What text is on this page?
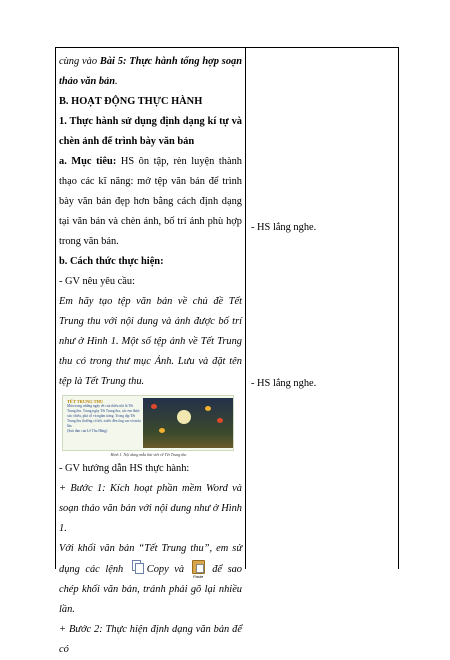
cùng vào Bài 5: Thực hành tổng hợp soạn thảo văn bản.

B. HOẠT ĐỘNG THỰC HÀNH

1. Thực hành sử dụng định dạng kí tự và chèn ảnh để trình bày văn bản

a. Mục tiêu: HS ôn tập, rèn luyện thành thạo các kĩ năng: mở tệp văn bản để trình bày văn bản đẹp hơn bằng cách định dạng tại văn bản và chèn ảnh, bố trí ảnh phù hợp trong văn bản.

b. Cách thức thực hiện:

- GV nêu yêu cầu:

Em hãy tạo tệp văn bản về chủ đề Tết Trung thu với nội dung và ảnh được bố trí như ở Hình 1. Một số tệp ảnh về Tết Trung thu có trong thư mục Ảnh. Lưu và đặt tên tệp là Tết Trung thu.

TẾT TRUNG THU
Mùa trong những ngày tết của thiếu nhi là Tết Trung thu. Trung ngày Tết Trung thu, các em được xúc chiều, phá cỗ và ngắm trăng. Trong dịp Tết Trung thu thường cổ kết, trước đèn ông sao và múa lân.
(Sưu tầm của Lê Thu Hằng)
Hình 1. Nội dung mẫu bài viết về Tết Trung thu

- GV hướng dẫn HS thực hành:

+ Bước 1: Kích hoạt phần mềm Word và soạn thảo văn bản với nội dung như ở Hình 1.

Với khối văn bản “Tết Trung thu”, em sử dụng các lệnh
Copy và
Paste
để sao chép khối văn bản, tránh phải gõ lại nhiều lần.

+ Bước 2: Thực hiện định dạng văn bản để có

- HS lắng nghe.
- HS lắng nghe.
